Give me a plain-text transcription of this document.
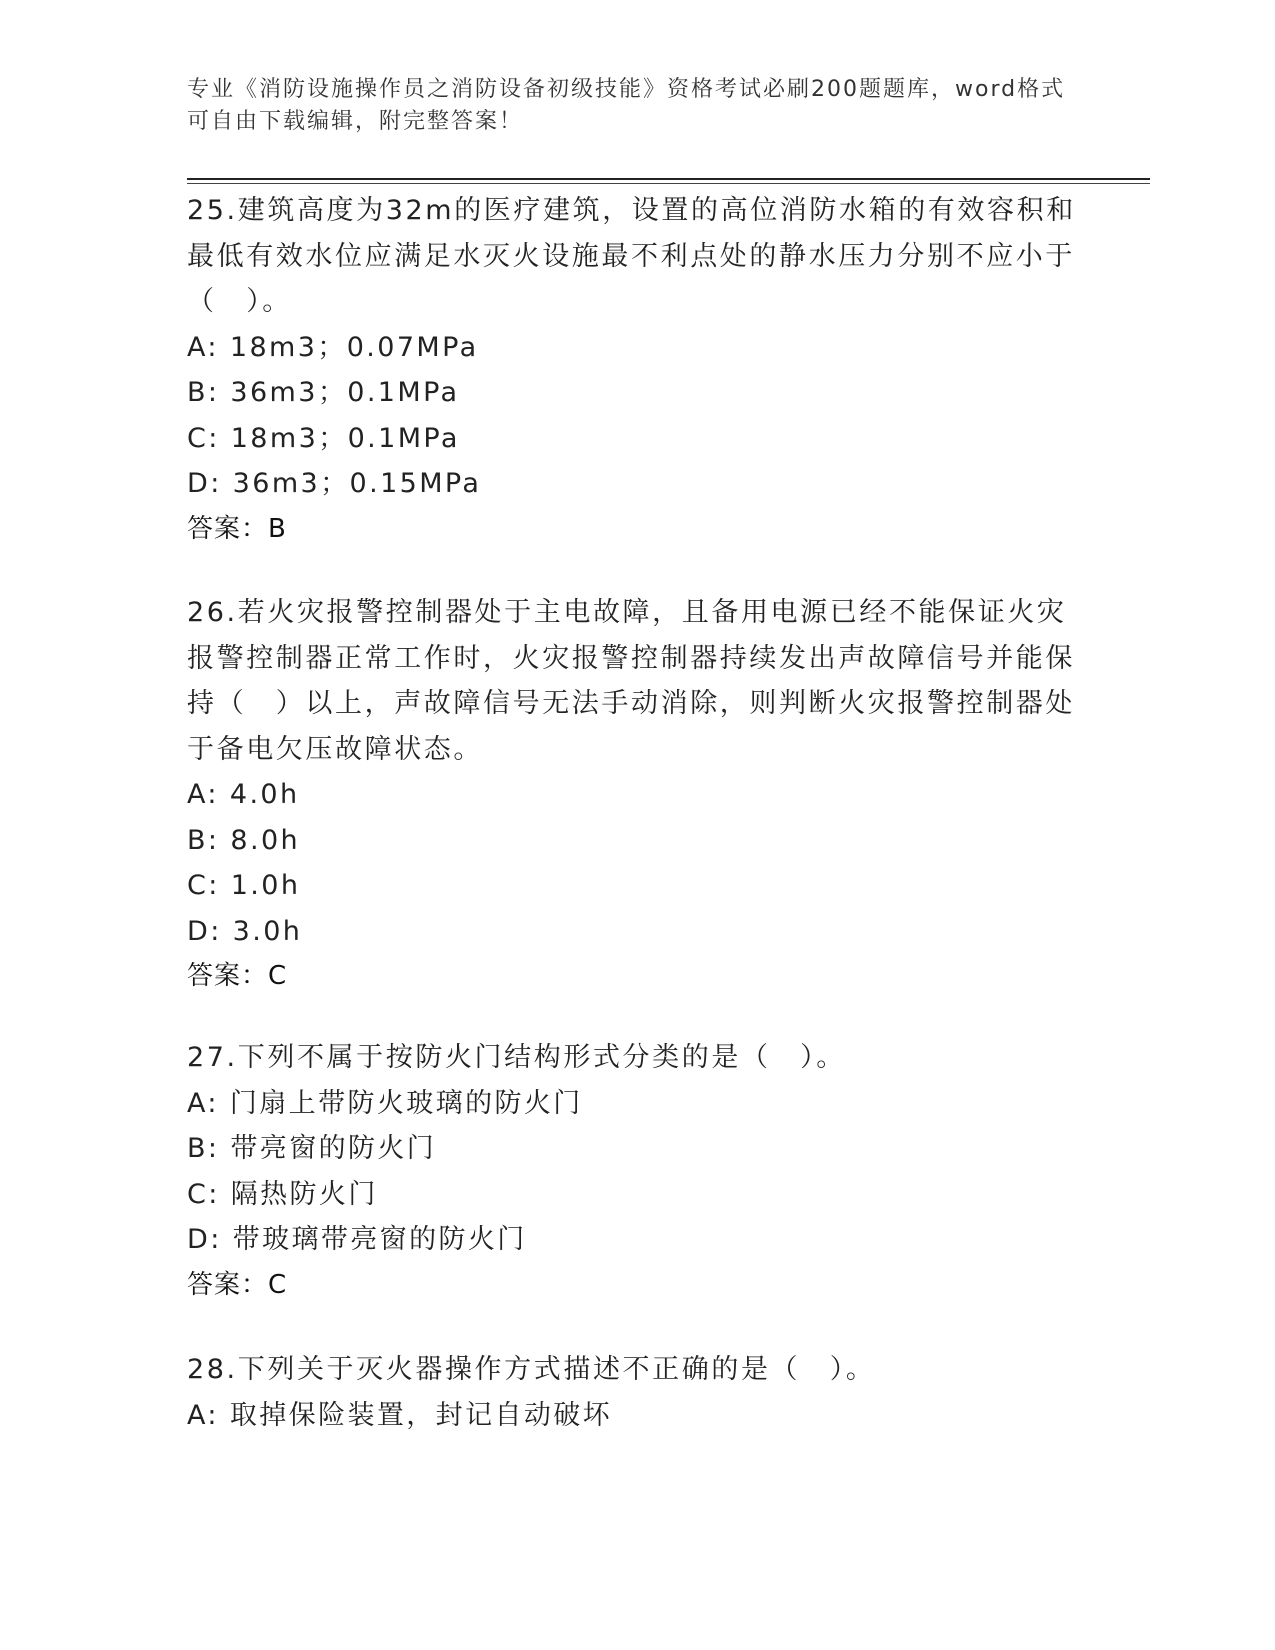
专业《消防设施操作员之消防设备初级技能》资格考试必刷200题题库，word格式可自由下载编辑，附完整答案！
25.建筑高度为32m的医疗建筑，设置的高位消防水箱的有效容积和最低有效水位应满足水灭火设施最不利点处的静水压力分别不应小于（　）。
A: 18m3；0.07MPa
B: 36m3；0.1MPa
C: 18m3；0.1MPa
D: 36m3；0.15MPa
答案：B
26.若火灾报警控制器处于主电故障，且备用电源已经不能保证火灾报警控制器正常工作时，火灾报警控制器持续发出声故障信号并能保持（　）以上，声故障信号无法手动消除，则判断火灾报警控制器处于备电欠压故障状态。
A: 4.0h
B: 8.0h
C: 1.0h
D: 3.0h
答案：C
27.下列不属于按防火门结构形式分类的是（　）。
A: 门扇上带防火玻璃的防火门
B: 带亮窗的防火门
C: 隔热防火门
D: 带玻璃带亮窗的防火门
答案：C
28.下列关于灭火器操作方式描述不正确的是（　）。
A: 取掉保险装置，封记自动破坏
